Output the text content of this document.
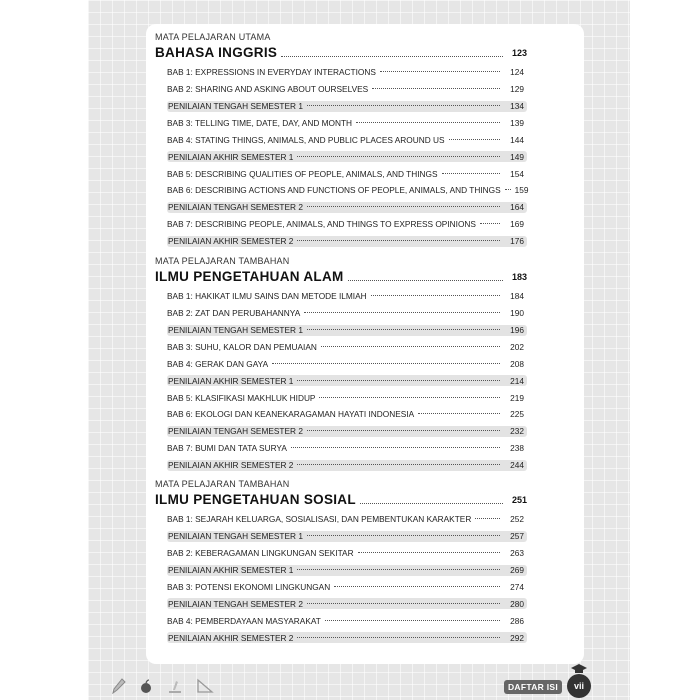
MATA PELAJARAN UTAMA
BAHASA INGGRIS	123
BAB 1: EXPRESSIONS IN EVERYDAY INTERACTIONS	124
BAB 2: SHARING AND ASKING ABOUT OURSELVES	129
PENILAIAN TENGAH SEMESTER 1	134
BAB 3: TELLING TIME, DATE, DAY, AND MONTH	139
BAB 4: STATING THINGS, ANIMALS, AND PUBLIC PLACES AROUND US	144
PENILAIAN AKHIR SEMESTER 1	149
BAB 5: DESCRIBING QUALITIES OF PEOPLE, ANIMALS, AND THINGS	154
BAB 6: DESCRIBING ACTIONS AND FUNCTIONS OF PEOPLE, ANIMALS, AND THINGS 159
PENILAIAN TENGAH SEMESTER 2	164
BAB 7: DESCRIBING PEOPLE, ANIMALS, AND THINGS TO EXPRESS OPINIONS	169
PENILAIAN AKHIR SEMESTER 2	176
MATA PELAJARAN TAMBAHAN
ILMU PENGETAHUAN ALAM	183
BAB 1: HAKIKAT ILMU SAINS DAN METODE ILMIAH	184
BAB 2: ZAT DAN PERUBAHANNYA	190
PENILAIAN TENGAH SEMESTER 1	196
BAB 3: SUHU, KALOR DAN PEMUAIAN	202
BAB 4: GERAK DAN GAYA	208
PENILAIAN AKHIR SEMESTER 1	214
BAB 5: KLASIFIKASI MAKHLUK HIDUP	219
BAB 6: EKOLOGI DAN KEANEKARAGAMAN HAYATI INDONESIA	225
PENILAIAN TENGAH SEMESTER 2	232
BAB 7: BUMI DAN TATA SURYA	238
PENILAIAN AKHIR SEMESTER 2	244
MATA PELAJARAN TAMBAHAN
ILMU PENGETAHUAN SOSIAL	251
BAB 1: SEJARAH KELUARGA, SOSIALISASI, DAN PEMBENTUKAN KARAKTER	252
PENILAIAN TENGAH SEMESTER 1	257
BAB 2: KEBERAGAMAN LINGKUNGAN SEKITAR	263
PENILAIAN AKHIR SEMESTER 1	269
BAB 3: POTENSI EKONOMI LINGKUNGAN	274
PENILAIAN TENGAH SEMESTER 2	280
BAB 4: PEMBERDAYAAN MASYARAKAT	286
PENILAIAN AKHIR SEMESTER 2	292
DAFTAR ISI	vii
